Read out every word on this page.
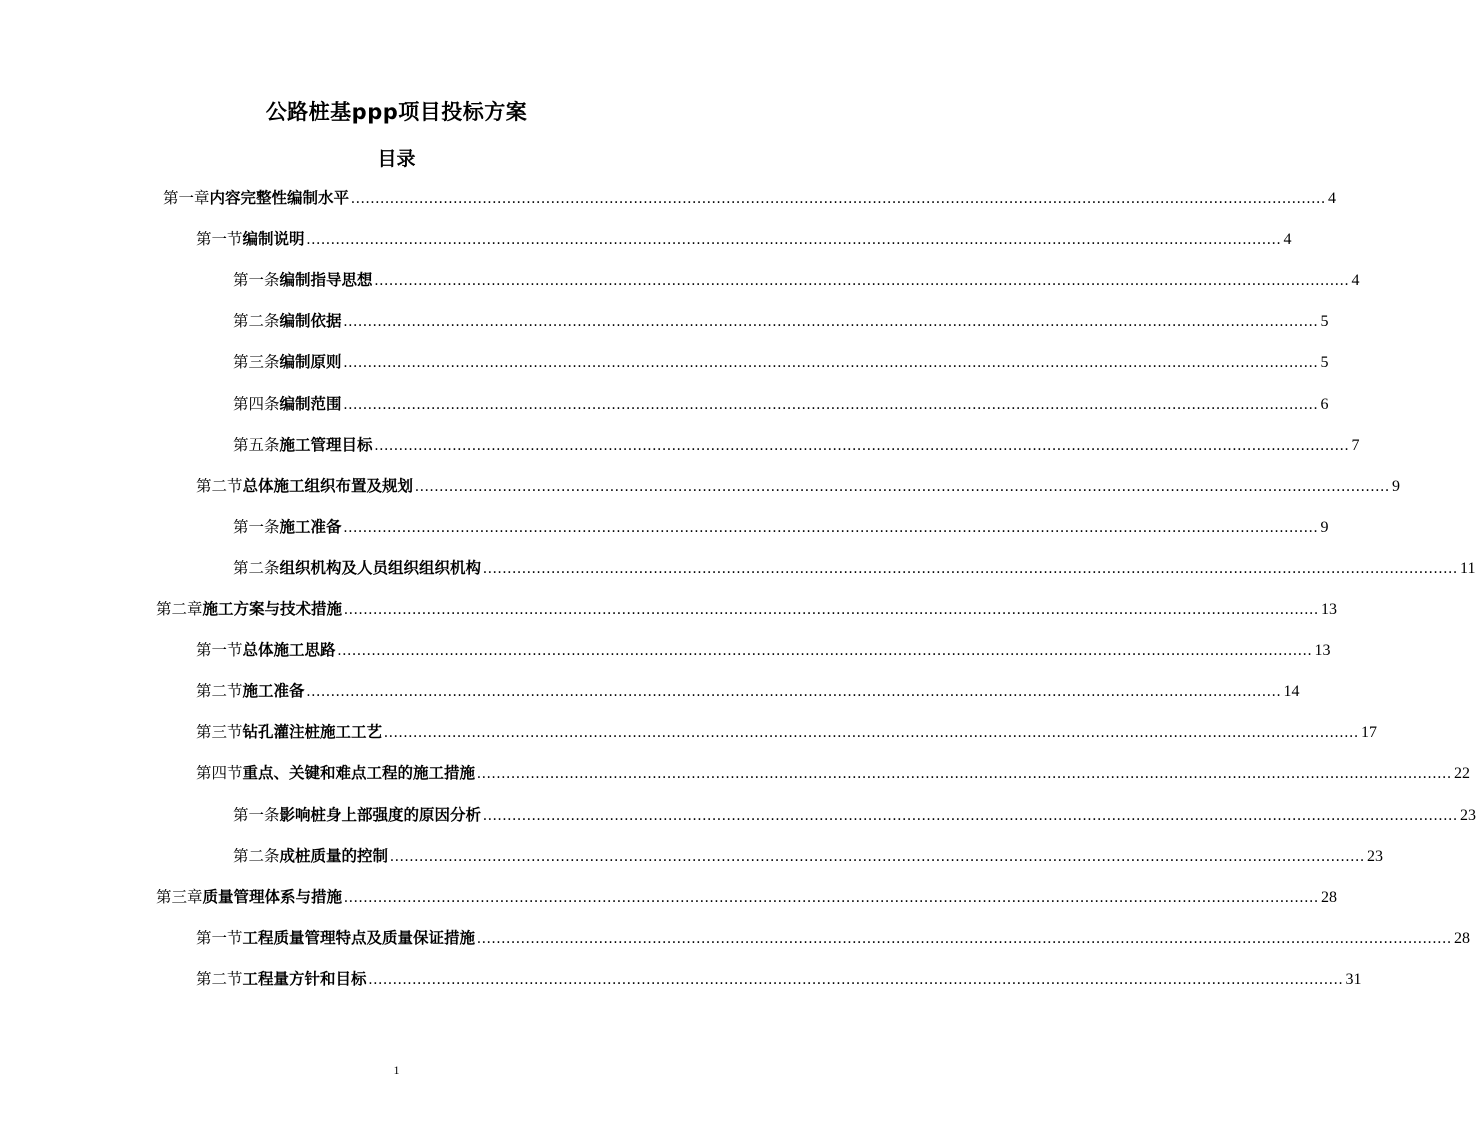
公路桩基ppp项目投标方案
目录
第一章 内容完整性编制水平 ........................................................................................................................................................................................................ 4
第一节 编制说明 ........................................................................................................................................................................................................ 4
第一条 编制指导思想 ........................................................................................................................................................................................................ 4
第二条 编制依据 ........................................................................................................................................................................................................ 5
第三条 编制原则 ........................................................................................................................................................................................................ 5
第四条 编制范围 ........................................................................................................................................................................................................ 6
第五条 施工管理目标 ........................................................................................................................................................................................................ 7
第二节 总体施工组织布置及规划 ........................................................................................................................................................................................................ 9
第一条 施工准备 ........................................................................................................................................................................................................ 9
第二条 组织机构及人员组织组织机构 ........................................................................................................................................................................................................ 11
第二章 施工方案与技术措施 ........................................................................................................................................................................................................ 13
第一节 总体施工思路 ........................................................................................................................................................................................................ 13
第二节 施工准备 ........................................................................................................................................................................................................ 14
第三节 钻孔灌注桩施工工艺 ........................................................................................................................................................................................................ 17
第四节 重点、关键和难点工程的施工措施 ........................................................................................................................................................................................................ 22
第一条 影响桩身上部强度的原因分析 ........................................................................................................................................................................................................ 23
第二条 成桩质量的控制 ........................................................................................................................................................................................................ 23
第三章 质量管理体系与措施 ........................................................................................................................................................................................................ 28
第一节 工程质量管理特点及质量保证措施 ........................................................................................................................................................................................................ 28
第二节 工程量方针和目标 ........................................................................................................................................................................................................ 31
1
